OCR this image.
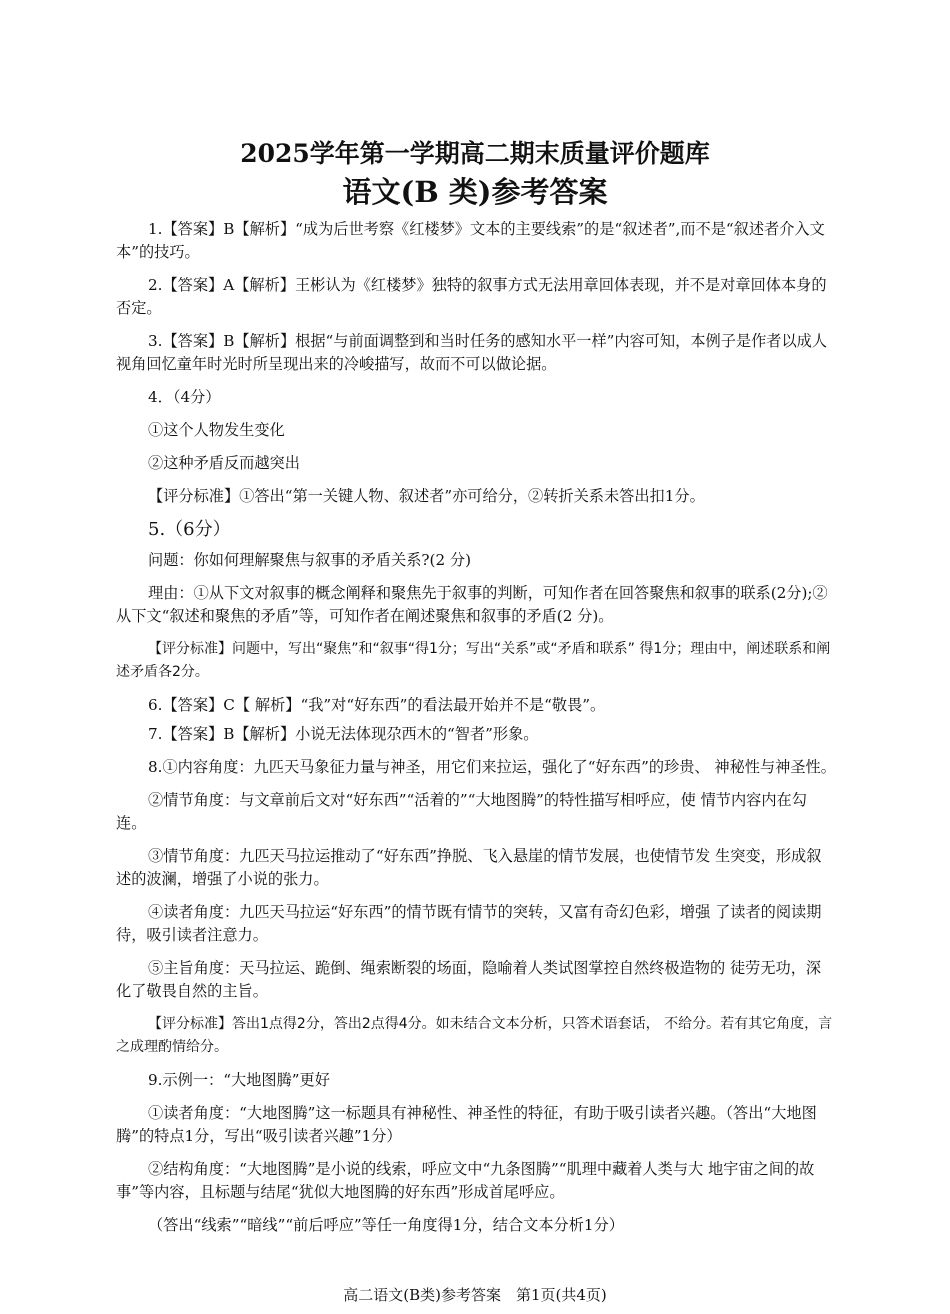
2025学年第一学期高二期末质量评价题库
语文(B 类)参考答案

1.【答案】B【解析】“成为后世考察《红楼梦》文本的主要线索”的是“叙述者”,而不是“叙述者介入文本”的技巧。

2.【答案】A【解析】王彬认为《红楼梦》独特的叙事方式无法用章回体表现，并不是对章回体本身的否定。

3.【答案】B【解析】根据“与前面调整到和当时任务的感知水平一样”内容可知，本例子是作者以成人视角回忆童年时光时所呈现出来的冷峻描写，故而不可以做论据。

4．（4分）

①这个人物发生变化

②这种矛盾反而越突出

【评分标准】①答出“第一关键人物、叙述者”亦可给分，②转折关系未答出扣1分。

5.（6分）

问题：你如何理解聚焦与叙事的矛盾关系?(2 分)

理由：①从下文对叙事的概念阐释和聚焦先于叙事的判断，可知作者在回答聚焦和叙事的联系(2分);② 从下文“叙述和聚焦的矛盾”等，可知作者在阐述聚焦和叙事的矛盾(2 分)。

【评分标准】问题中，写出“聚焦”和“叙事“得1分；写出“关系”或“矛盾和联系” 得1分；理由中，阐述联系和阐述矛盾各2分。

6.【答案】C【 解析】“我”对“好东西”的看法最开始并不是“敬畏”。

7.【答案】B【解析】小说无法体现尕西木的“智者”形象。

8.①内容角度：九匹天马象征力量与神圣，用它们来拉运，强化了“好东西”的珍贵、 神秘性与神圣性。

②情节角度：与文章前后文对“好东西”“活着的”“大地图腾”的特性描写相呼应，使 情节内容内在勾连。

③情节角度：九匹天马拉运推动了“好东西”挣脱、飞入悬崖的情节发展，也使情节发 生突变，形成叙述的波澜，增强了小说的张力。

④读者角度：九匹天马拉运“好东西”的情节既有情节的突转，又富有奇幻色彩，增强 了读者的阅读期待，吸引读者注意力。

⑤主旨角度：天马拉运、跪倒、绳索断裂的场面，隐喻着人类试图掌控自然终极造物的 徒劳无功，深化了敬畏自然的主旨。

【评分标准】答出1点得2分，答出2点得4分。如未结合文本分析，只答术语套话， 不给分。若有其它角度，言之成理酌情给分。

9.示例一：“大地图腾”更好

①读者角度：“大地图腾”这一标题具有神秘性、神圣性的特征，有助于吸引读者兴趣。（答出“大地图腾”的特点1分，写出“吸引读者兴趣”1分）

②结构角度：“大地图腾”是小说的线索，呼应文中“九条图腾”“肌理中藏着人类与大 地宇宙之间的故事”等内容，且标题与结尾“犹似大地图腾的好东西”形成首尾呼应。

（答出“线索”“暗线”“前后呼应”等任一角度得1分，结合文本分析1分）

高二语文(B类)参考答案　第1页(共4页)
